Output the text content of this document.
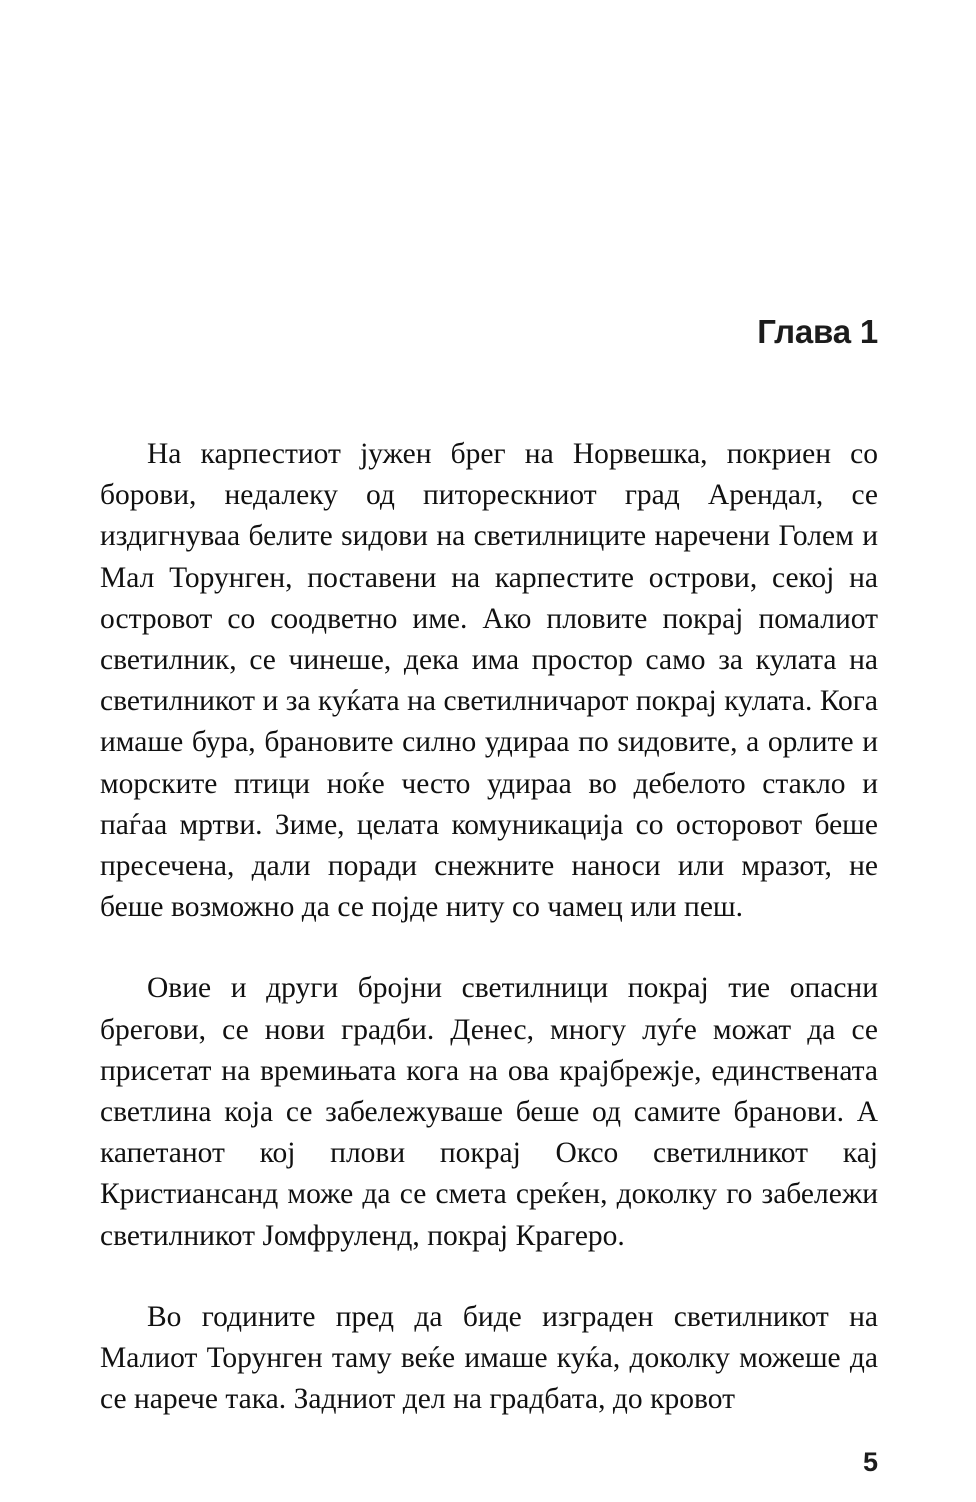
Глава 1

На карпестиот јужен брег на Норвешка, покриен со борови, недалеку од питорескниот град Арендал, се издигнуваа белите ѕидови на светилниците наречени Голем и Мал Торунген, поставени на карпестите острови, секој на островот со соодветно име. Ако пловите покрај помалиот светилник, се чинеше, дека има простор само за кулата на светилникот и за куќата на светилничарот покрај кулата. Кога имаше бура, брановите силно удираа по ѕидовите, а орлите и морските птици ноќе често удираа во дебелото стакло и паѓаа мртви. Зиме, целата комуникација со осторовот беше пресечена, дали поради снежните наноси или мразот, не беше возможно да се појде ниту со чамец или пеш.

Овие и други бројни светилници покрај тие опасни брегови, се нови градби. Денес, многу луѓе можат да се присетат на времињата кога на ова крајбрежје, единствената светлина која се забележуваше беше од самите бранови. А капетанот кој плови покрај Оксо светилникот кај Кристиансанд може да се смета среќен, доколку го забележи светилникот Јомфруленд, покрај Крагеро.

Во годините пред да биде изграден светилникот на Малиот Торунген таму веќе имаше куќа, доколку можеше да се наречe така. Задниот дел на градбата, до кровот

5
